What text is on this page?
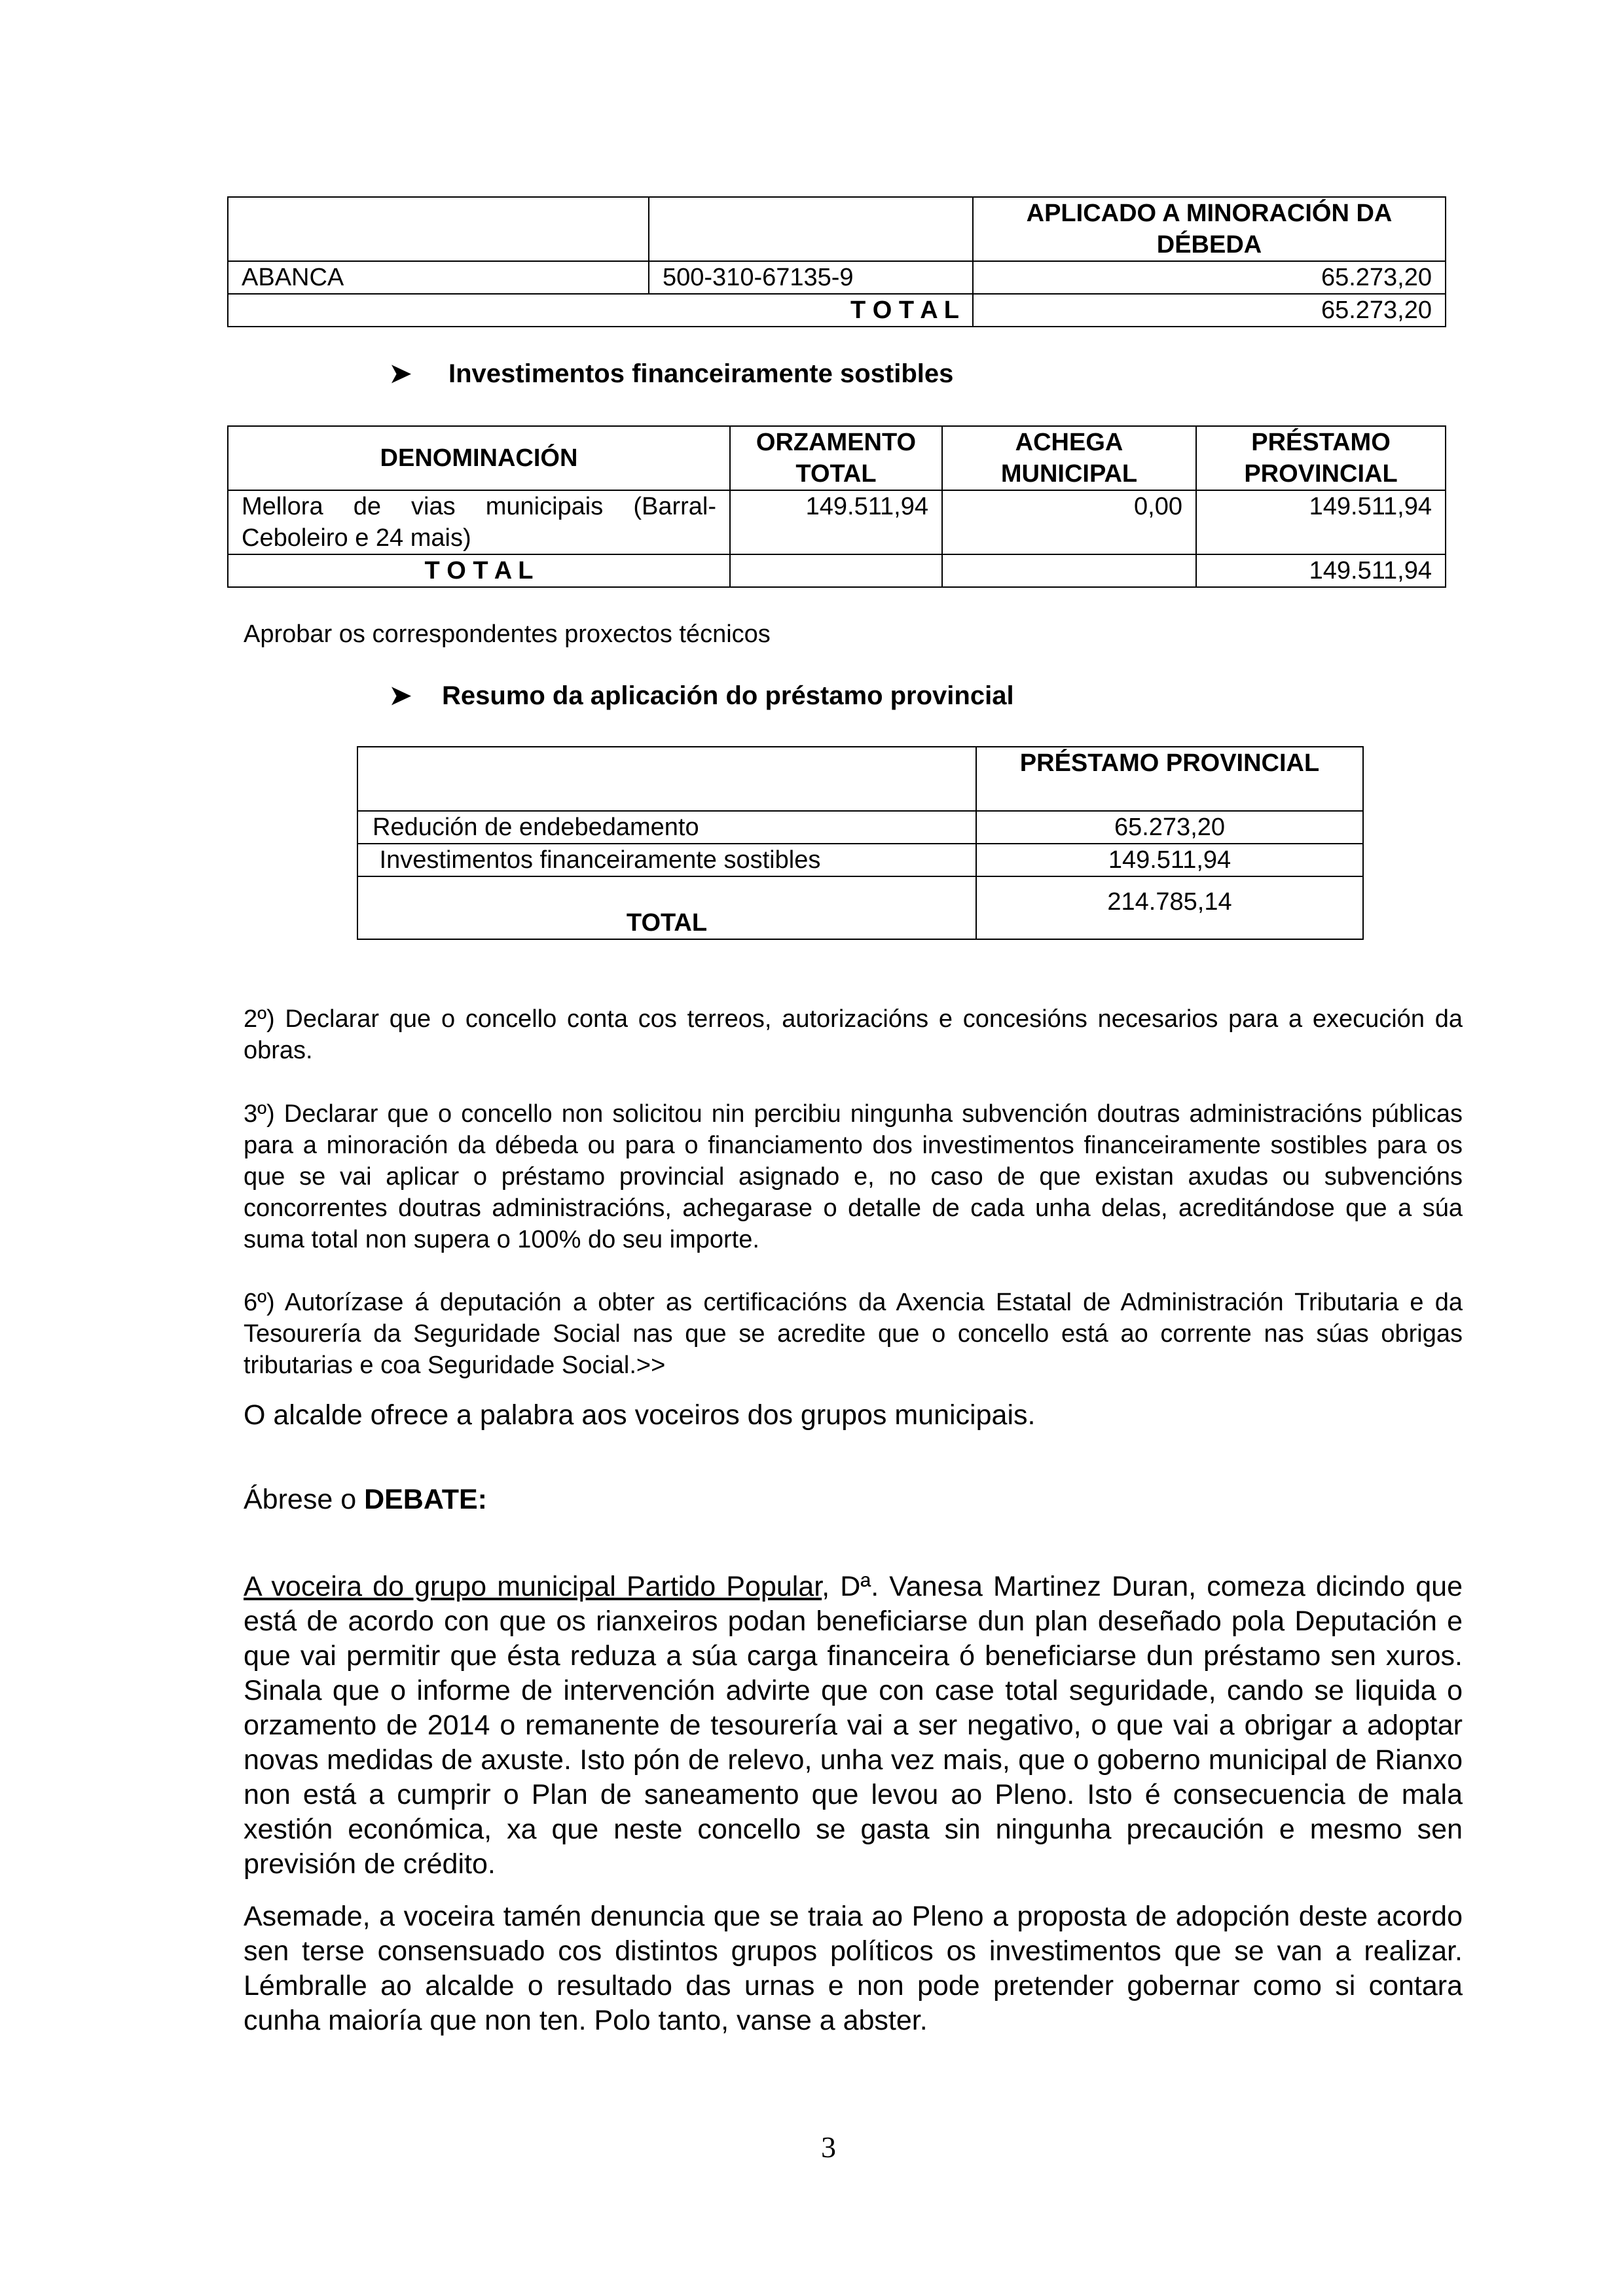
		APLICADO A MINORACIÓN DA DÉBEDA
ABANCA	500-310-67135-9	65.273,20
T O T A L		65.273,20
➤ Investimentos financeiramente sostibles
DENOMINACIÓN	ORZAMENTO TOTAL	ACHEGA MUNICIPAL	PRÉSTAMO PROVINCIAL
Mellora de vias municipais (Barral-Ceboleiro e 24 mais)	149.511,94	0,00	149.511,94
T O T A L			149.511,94
Aprobar os correspondentes proxectos técnicos
➤ Resumo da aplicación do préstamo provincial
	PRÉSTAMO PROVINCIAL
Redución de endebedamento	65.273,20
Investimentos financeiramente sostibles	149.511,94
TOTAL	214.785,14
2º) Declarar que o concello conta cos terreos, autorizacións e concesións necesarios para a execución da obras.
3º) Declarar que o concello non solicitou nin percibiu ningunha subvención doutras administracións públicas para a minoración da débeda ou para o financiamento dos investimentos financeiramente sostibles para os que se vai aplicar o préstamo provincial asignado e, no caso de que existan axudas ou subvencións concorrentes doutras administracións, achegarase o detalle de cada unha delas, acreditándose que a súa suma total non supera o 100% do seu importe.
6º) Autorízase á deputación a obter as certificacións da Axencia Estatal de Administración Tributaria e da Tesourería da Seguridade Social nas que se acredite que o concello está ao corrente nas súas obrigas tributarias e coa Seguridade Social.>>
O alcalde ofrece a palabra aos voceiros dos grupos municipais.
Ábrese o DEBATE:
A voceira do grupo municipal Partido Popular, Dª. Vanesa Martinez Duran, comeza dicindo que está de acordo con que os rianxeiros podan beneficiarse dun plan deseñado pola Deputación e que vai permitir que ésta reduza a súa carga financeira ó beneficiarse dun préstamo sen xuros. Sinala que o informe de intervención advirte que con case total seguridade, cando se liquida o orzamento de 2014 o remanente de tesourería vai a ser negativo, o que vai a obrigar a adoptar novas medidas de axuste. Isto pón de relevo, unha vez mais, que o goberno municipal de Rianxo non está a cumprir o Plan de saneamento que levou ao Pleno. Isto é consecuencia de mala xestión económica, xa que neste concello se gasta sin ningunha precaución e mesmo sen previsión de crédito.
Asemade, a voceira tamén denuncia que se traia ao Pleno a proposta de adopción deste acordo sen terse consensuado cos distintos grupos políticos os investimentos que se van a realizar. Lémbralle ao alcalde o resultado das urnas e non pode pretender gobernar como si contara cunha maioría que non ten. Polo tanto, vanse a abster.
3
